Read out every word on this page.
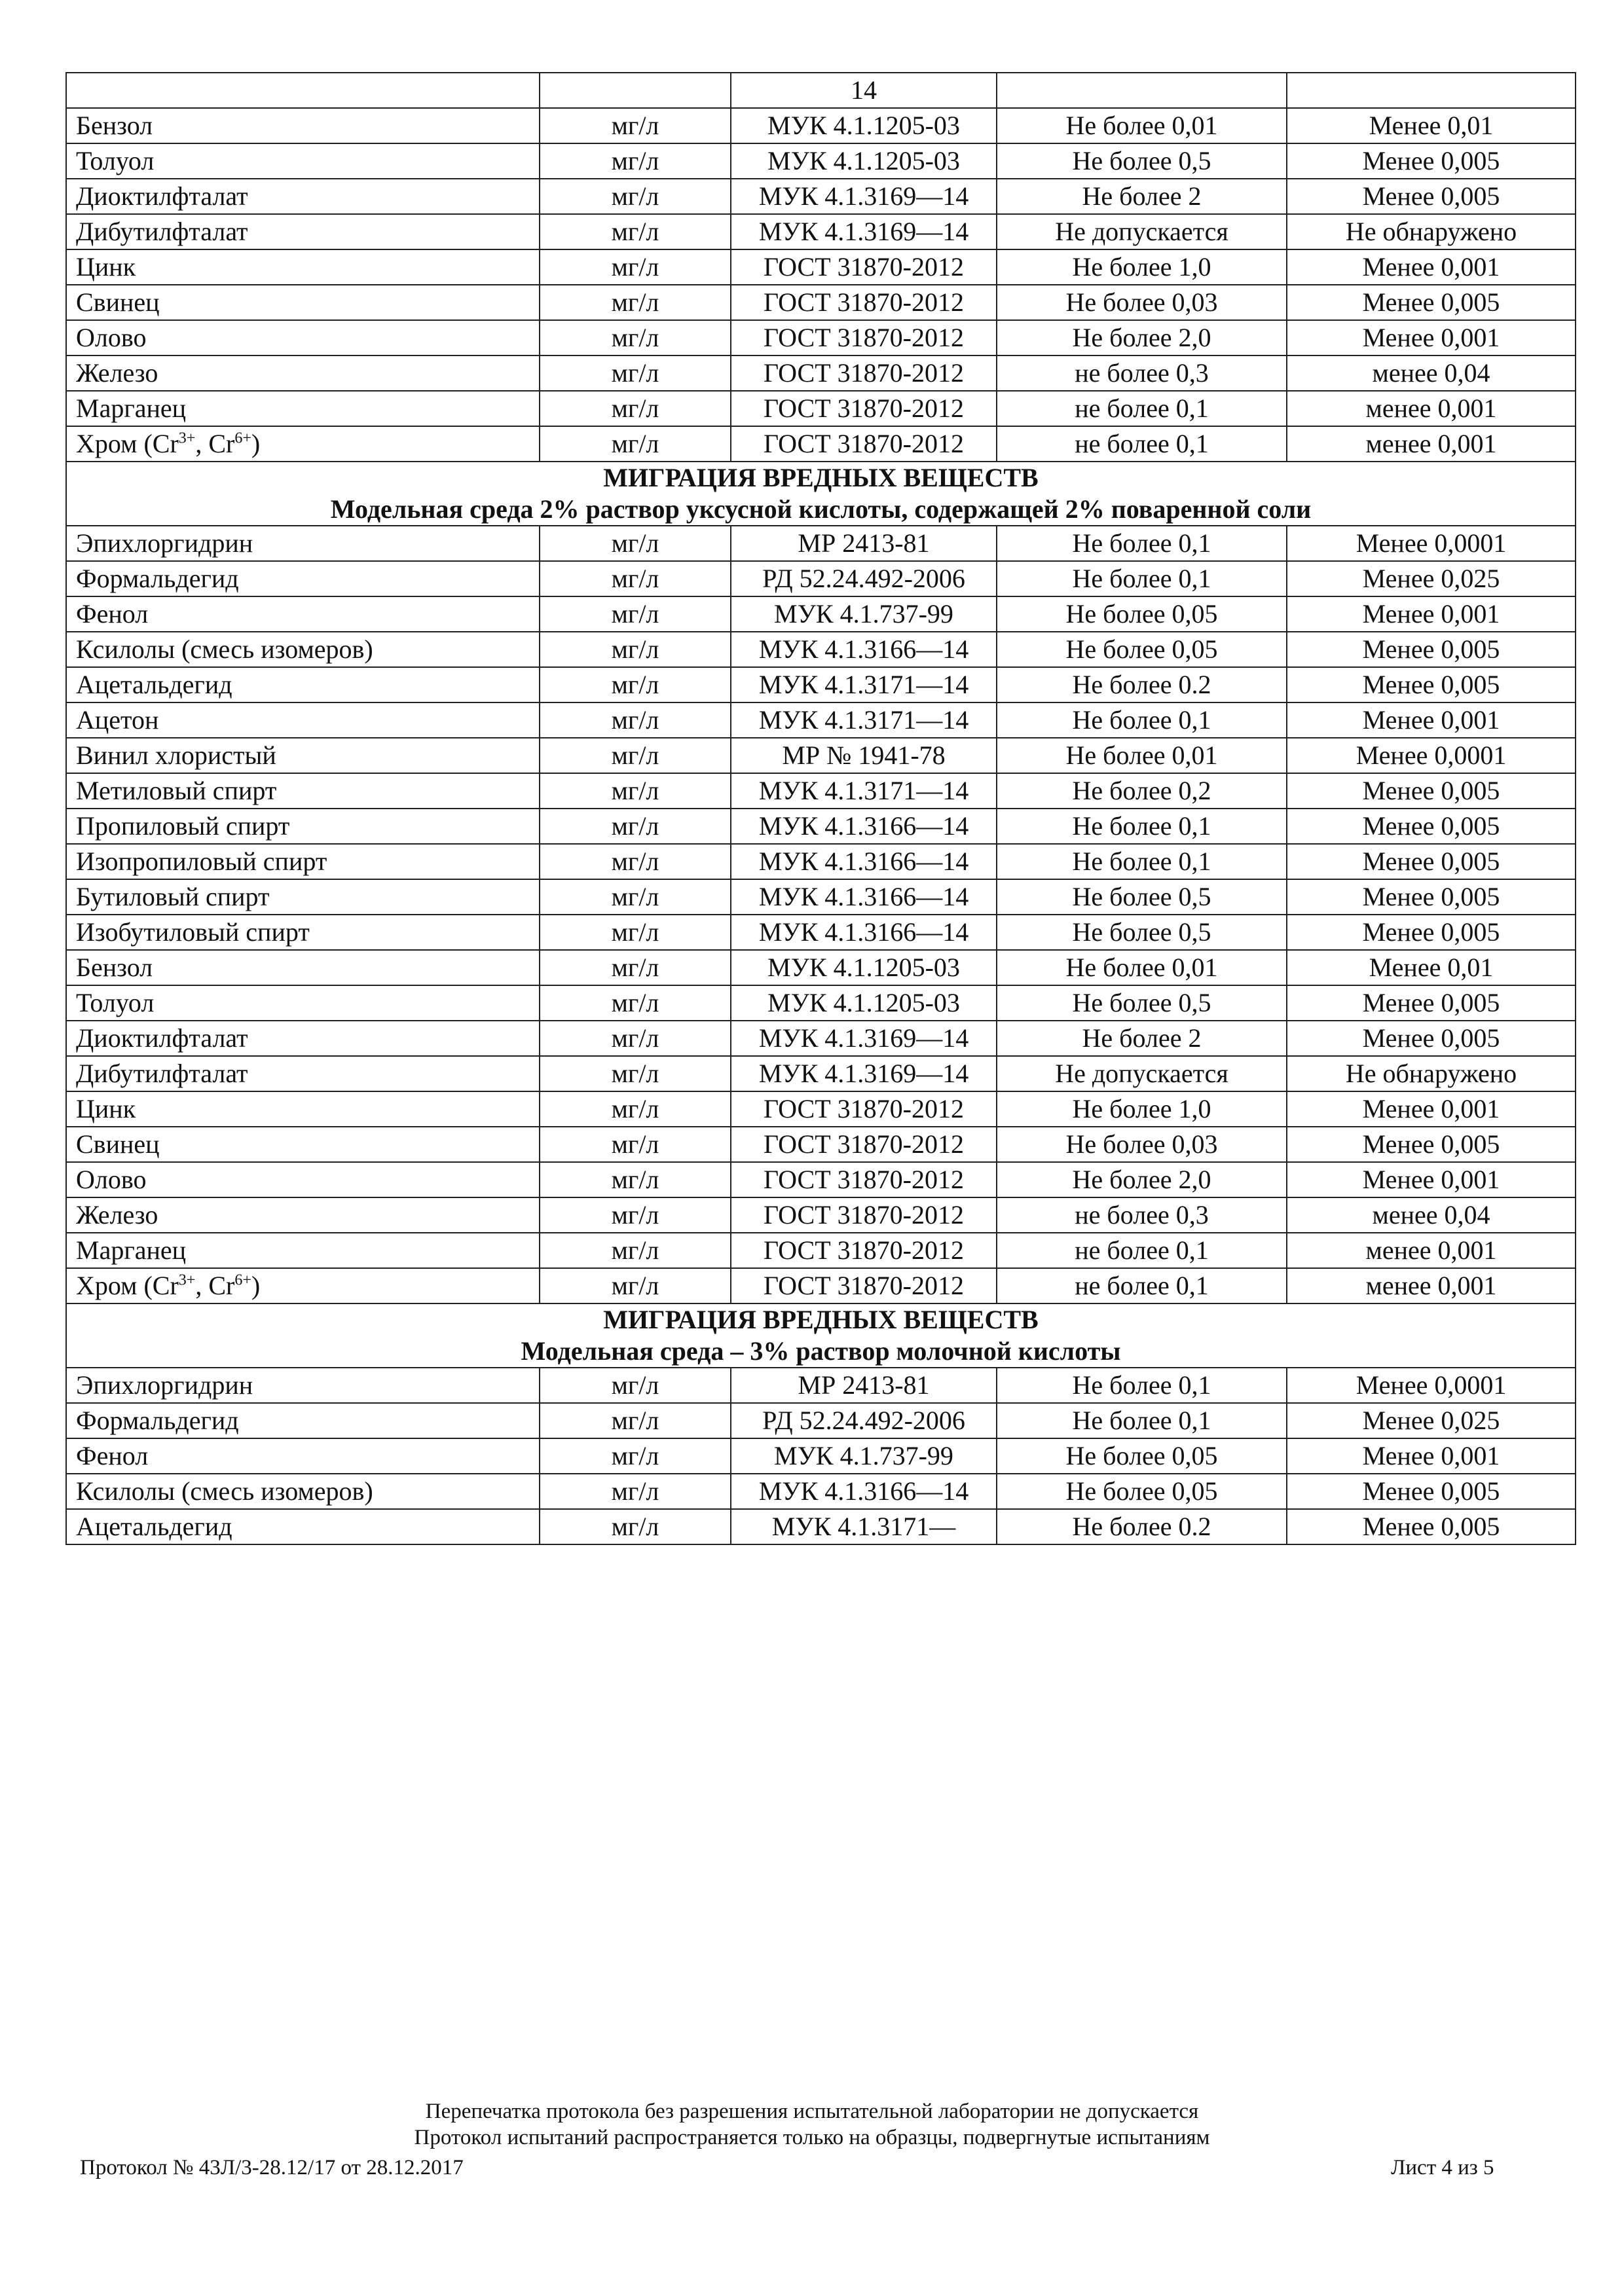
		14		
Бензол	мг/л	МУК 4.1.1205-03	Не более 0,01	Менее 0,01
Толуол	мг/л	МУК 4.1.1205-03	Не более 0,5	Менее 0,005
Диоктилфталат	мг/л	МУК 4.1.3169—14	Не более 2	Менее 0,005
Дибутилфталат	мг/л	МУК 4.1.3169—14	Не допускается	Не обнаружено
Цинк	мг/л	ГОСТ 31870-2012	Не более 1,0	Менее 0,001
Свинец	мг/л	ГОСТ 31870-2012	Не более 0,03	Менее 0,005
Олово	мг/л	ГОСТ 31870-2012	Не более 2,0	Менее 0,001
Железо	мг/л	ГОСТ 31870-2012	не более 0,3	менее 0,04
Марганец	мг/л	ГОСТ 31870-2012	не более 0,1	менее 0,001
Хром ($Cr^{3+}$, $Cr^{6+}$)	мг/л	ГОСТ 31870-2012	не более 0,1	менее 0,001

МИГРАЦИЯ ВРЕДНЫХ ВЕЩЕСТВ
Модельная среда 2% раствор уксусной кислоты, содержащей 2% поваренной соли				

Эпихлоргидрин	мг/л	МР 2413-81	Не более 0,1	Менее 0,0001
Формальдегид	мг/л	РД 52.24.492-2006	Не более 0,1	Менее 0,025
Фенол	мг/л	МУК 4.1.737-99	Не более 0,05	Менее 0,001
Ксилолы (смесь изомеров)	мг/л	МУК 4.1.3166—14	Не более 0,05	Менее 0,005
Ацетальдегид	мг/л	МУК 4.1.3171—14	Не более 0.2	Менее 0,005
Ацетон	мг/л	МУК 4.1.3171—14	Не более 0,1	Менее 0,001
Винил хлористый	мг/л	МР № 1941-78	Не более 0,01	Менее 0,0001
Метиловый спирт	мг/л	МУК 4.1.3171—14	Не более 0,2	Менее 0,005
Пропиловый спирт	мг/л	МУК 4.1.3166—14	Не более 0,1	Менее 0,005
Изопропиловый спирт	мг/л	МУК 4.1.3166—14	Не более 0,1	Менее 0,005
Бутиловый спирт	мг/л	МУК 4.1.3166—14	Не более 0,5	Менее 0,005
Изобутиловый спирт	мг/л	МУК 4.1.3166—14	Не более 0,5	Менее 0,005
Бензол	мг/л	МУК 4.1.1205-03	Не более 0,01	Менее 0,01
Толуол	мг/л	МУК 4.1.1205-03	Не более 0,5	Менее 0,005
Диоктилфталат	мг/л	МУК 4.1.3169—14	Не более 2	Менее 0,005
Дибутилфталат	мг/л	МУК 4.1.3169—14	Не допускается	Не обнаружено
Цинк	мг/л	ГОСТ 31870-2012	Не более 1,0	Менее 0,001
Свинец	мг/л	ГОСТ 31870-2012	Не более 0,03	Менее 0,005
Олово	мг/л	ГОСТ 31870-2012	Не более 2,0	Менее 0,001
Железо	мг/л	ГОСТ 31870-2012	не более 0,3	менее 0,04
Марганец	мг/л	ГОСТ 31870-2012	не более 0,1	менее 0,001
Хром ($Cr^{3+}$, $Cr^{6+}$)	мг/л	ГОСТ 31870-2012	не более 0,1	менее 0,001

МИГРАЦИЯ ВРЕДНЫХ ВЕЩЕСТВ
Модельная среда – 3% раствор молочной кислоты				

Эпихлоргидрин	мг/л	МР 2413-81	Не более 0,1	Менее 0,0001
Формальдегид	мг/л	РД 52.24.492-2006	Не более 0,1	Менее 0,025
Фенол	мг/л	МУК 4.1.737-99	Не более 0,05	Менее 0,001
Ксилолы (смесь изомеров)	мг/л	МУК 4.1.3166—14	Не более 0,05	Менее 0,005
Ацетальдегид	мг/л	МУК 4.1.3171—	Не более 0.2	Менее 0,005
Перепечатка протокола без разрешения испытательной лаборатории не допускается
Протокол испытаний распространяется только на образцы, подвергнутые испытаниям
Протокол № 43Л/3-28.12/17 от 28.12.2017	Лист 4 из 5
